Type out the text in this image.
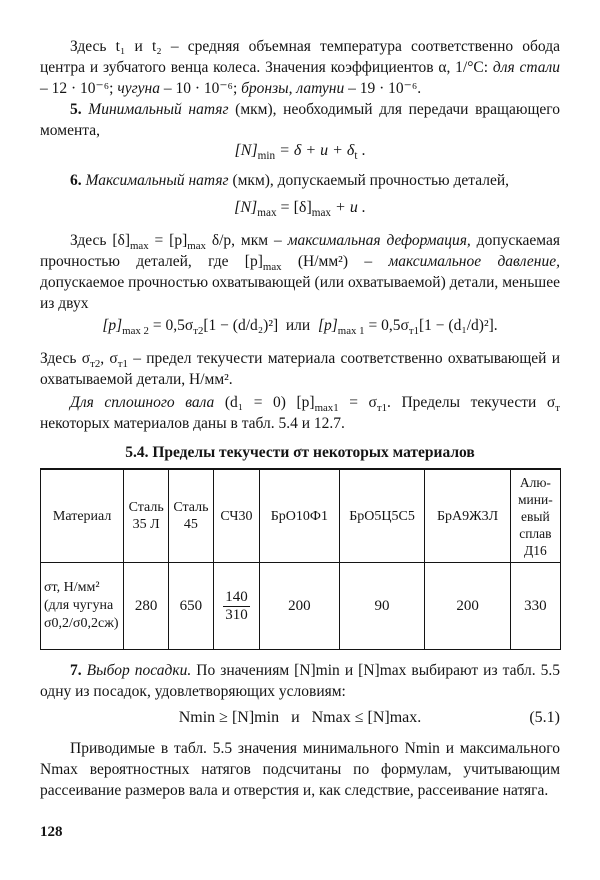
Здесь t₁ и t₂ – средняя объемная температура соответственно обода центра и зубчатого венца колеса. Значения коэффициентов α, 1/°С: для стали – 12 · 10⁻⁶; чугуна – 10 · 10⁻⁶; бронзы, латуни – 19 · 10⁻⁶.

5. Минимальный натяг (мкм), необходимый для передачи вращающего момента,

$[N]_{min} = \delta + u + \delta_t$ .

6. Максимальный натяг (мкм), допускаемый прочностью деталей,

$[N]_{max} = [\delta]_{max} + u$ .

Здесь $[\delta]_{max} = [p]_{max}$ δ/p, мкм – максимальная деформация, допускаемая прочностью деталей, где $[p]_{max}$ (Н/мм²) – максимальное давление, допускаемое прочностью охватывающей (или охватываемой) детали, меньшее из двух

$[p]_{max 2} = 0,5\sigma_{т2}[1 - (d/d_2)^2]$ или $[p]_{max 1} = 0,5\sigma_{т1}[1 - (d_1/d)^2]$.

Здесь $\sigma_{т2}$, $\sigma_{т1}$ – предел текучести материала соответственно охватывающей и охватываемой детали, Н/мм².

Для сплошного вала (d₁ = 0) $[p]_{max1} = \sigma_{т1}$. Пределы текучести $\sigma_т$ некоторых материалов даны в табл. 5.4 и 12.7.

5.4. Пределы текучести σт некоторых материалов

Материал	Сталь 35 Л	Сталь 45	СЧ30	БрО10Ф1	БрО5Ц5С5	БрА9Ж3Л	Алю-мини-евый сплав Д16
σт, Н/мм²
(для чугуна
σ0,2/σ0,2сж)	280	650	$\frac{140}{310}$	200	90	200	330

7. Выбор посадки. По значениям [N]min и [N]max выбирают из табл. 5.5 одну из посадок, удовлетворяющих условиям:

Nmin ≥ [N]min   и   Nmax ≤ [N]max.	(5.1)

Приводимые в табл. 5.5 значения минимального Nmin и максимального Nmax вероятностных натягов подсчитаны по формулам, учитывающим рассеивание размеров вала и отверстия и, как следствие, рассеивание натяга.

128
